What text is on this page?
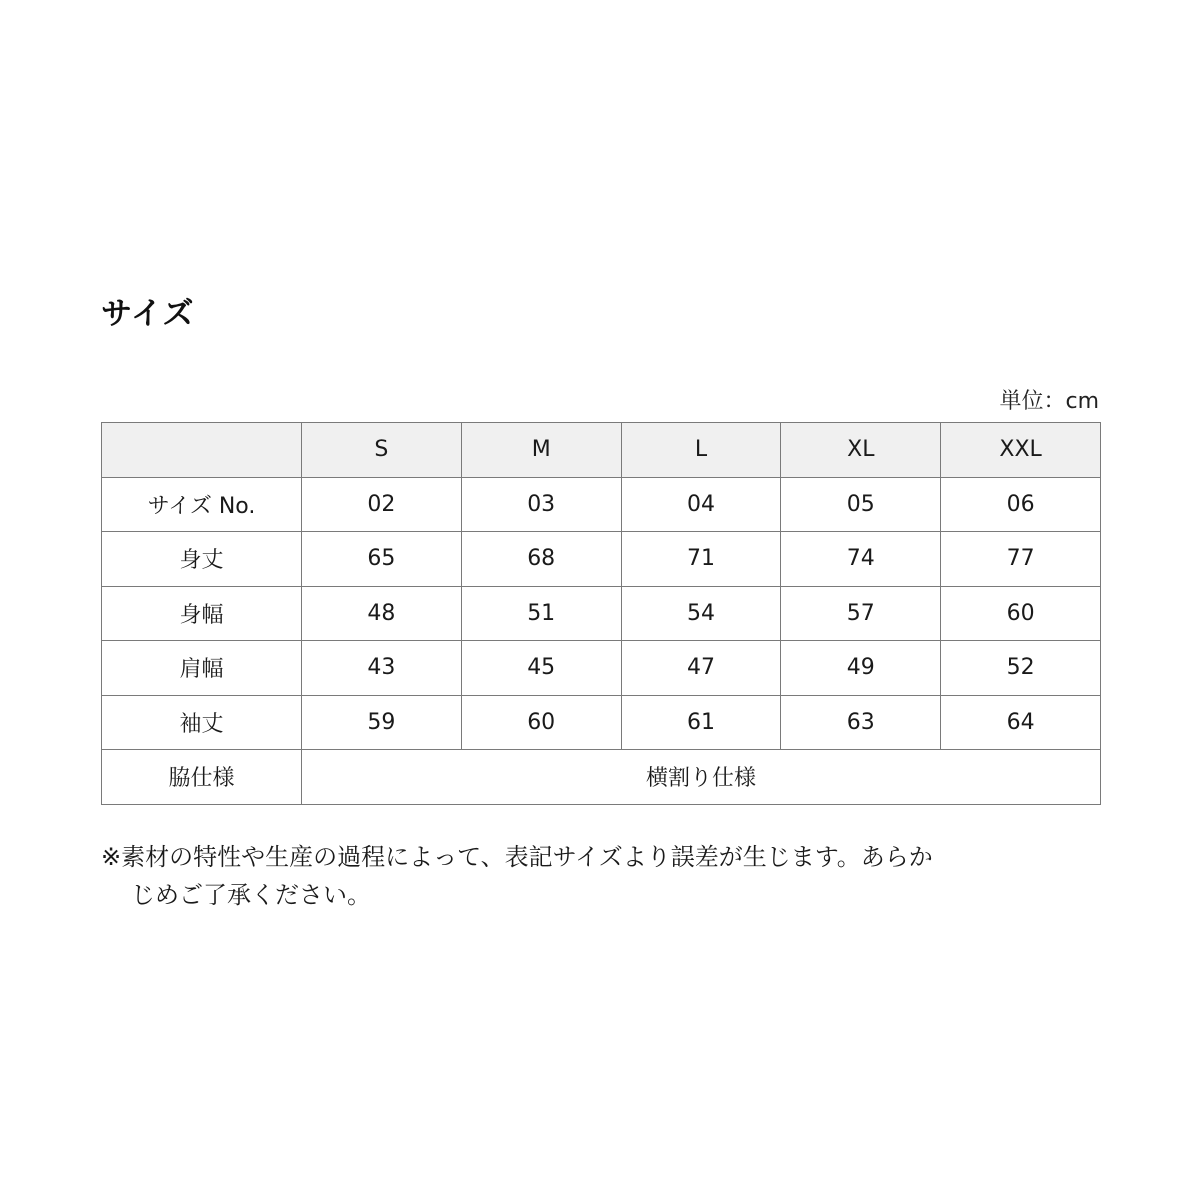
サイズ
単位：cm
	S	M	L	XL	XXL
サイズ No.	02	03	04	05	06
身丈	65	68	71	74	77
身幅	48	51	54	57	60
肩幅	43	45	47	49	52
袖丈	59	60	61	63	64
脇仕様	横割り仕様				

※素材の特性や生産の過程によって、表記サイズより誤差が生じます。あらか
じめご了承ください。
